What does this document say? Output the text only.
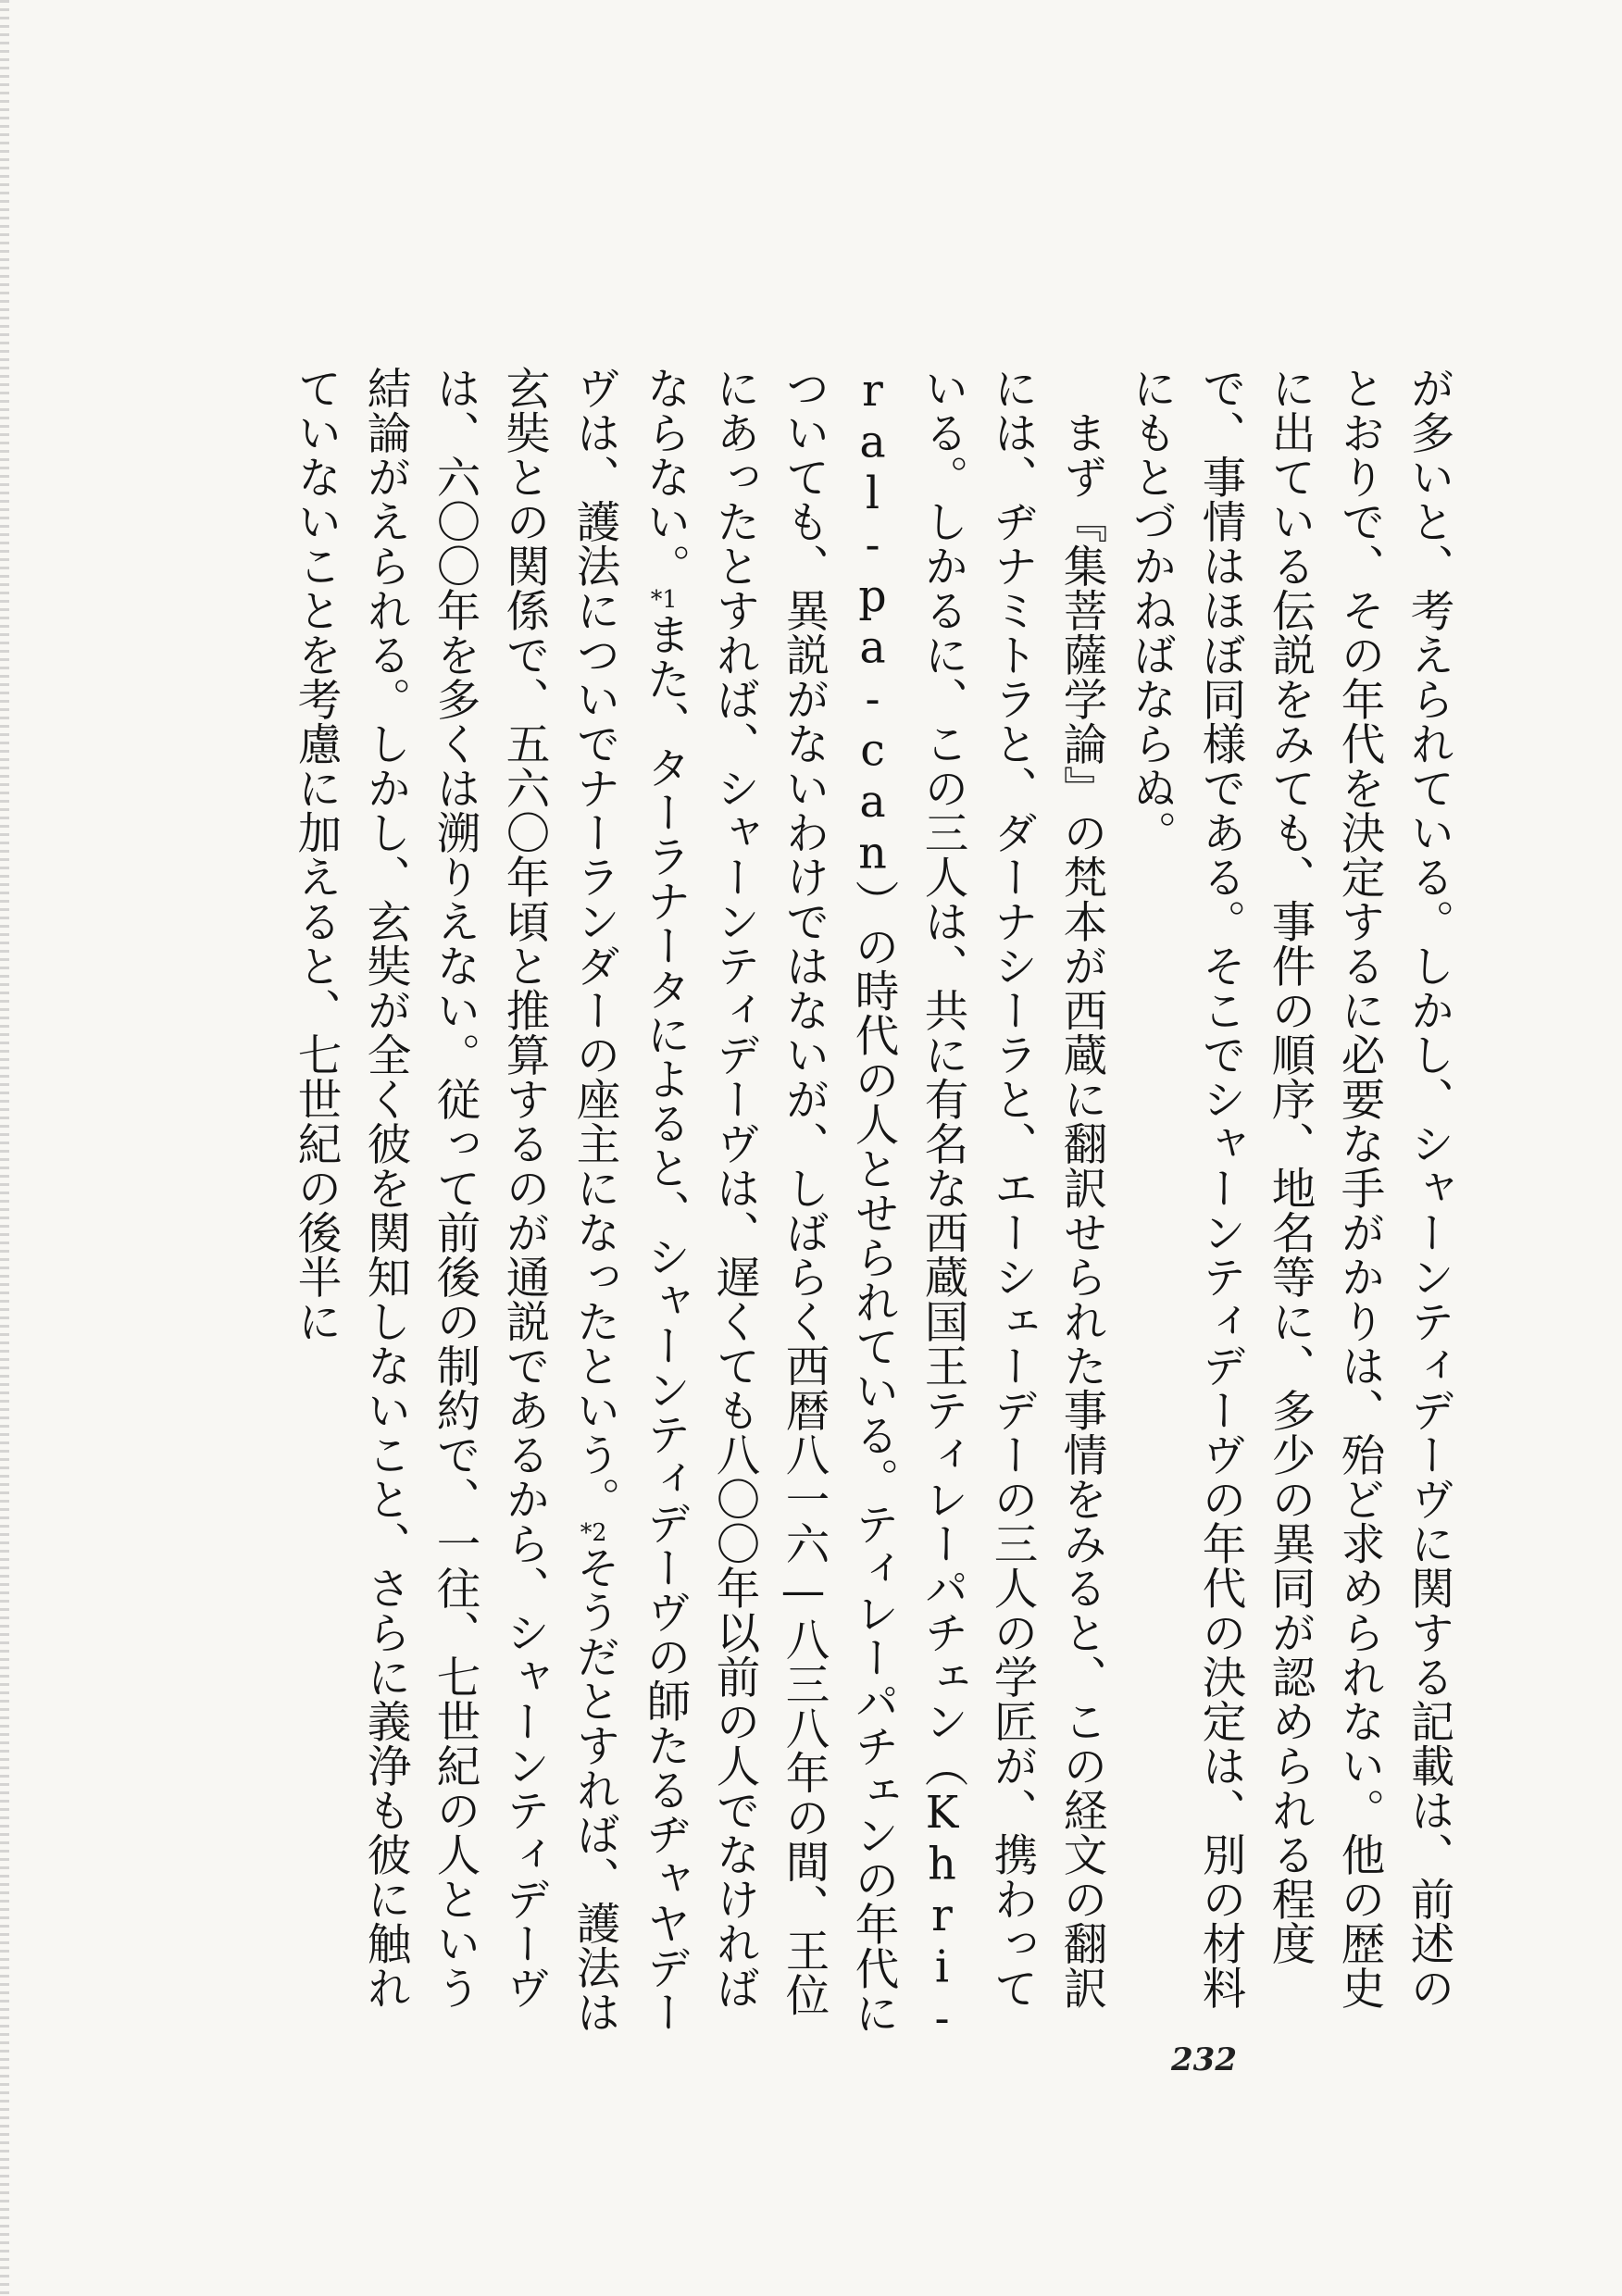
が多いと、考えられている。しかし、シャーンティデーヴに関する記載は、前述のとおりで、その年代を決定するに必要な手がかりは、殆ど求められない。他の歴史に出ている伝説をみても、事件の順序、地名等に、多少の異同が認められる程度で、事情はほぼ同様である。そこでシャーンティデーヴの年代の決定は、別の材料にもとづかねばならぬ。

まず『集菩薩学論』の梵本が西蔵に翻訳せられた事情をみると、この経文の翻訳には、ヂナミトラと、ダーナシーラと、エーシェーデーの三人の学匠が、携わっている。しかるに、この三人は、共に有名な西蔵国王ティレーパチェン（Khri-ral-pa-can）の時代の人とせられている。ティレーパチェンの年代についても、異説がないわけではないが、しばらく西暦八一六—八三八年の間、王位にあったとすれば、シャーンティデーヴは、遅くても八〇〇年以前の人でなければならない。*1また、ターラナータによると、シャーンティデーヴの師たるヂャヤデーヴは、護法についでナーランダーの座主になったという。*2そうだとすれば、護法は玄奘との関係で、五六〇年頃と推算するのが通説であるから、シャーンティデーヴは、六〇〇年を多くは溯りえない。従って前後の制約で、一往、七世紀の人という結論がえられる。しかし、玄奘が全く彼を関知しないこと、さらに義浄も彼に触れていないことを考慮に加えると、七世紀の後半に

232
